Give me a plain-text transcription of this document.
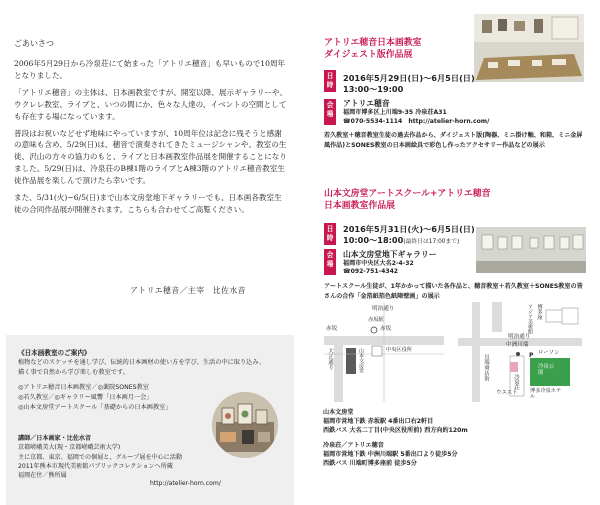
ごあいさつ

2006年5月29日から冷泉荘にて始まった「アトリエ穂音」も早いもので10周年となりました。

「アトリエ穂音」の主体は、日本画教室ですが、開室以降、展示ギャラリーや、ウクレレ教室、ライブと、いつの間にか、色々な人達の、イベントの空間としても存在する場になっています。

普段はお祝いなどせず地味にやっていますが、10周年位は記念に残そうと感謝の意味も含め、5/29(日)は、穂音で演奏されてきたミュージシャンや、教室の生徒、沢山の方々の協力のもと、ライブと日本画教室作品展を開催することになりました。5/29(日)は、冷泉荘のB棟1階のライブとA棟3階のアトリエ穂音教室生徒作品展を楽しんで頂けたら幸いです。

また、5/31(火)~6/5(日)まで山本文房堂地下ギャラリーでも、日本画各教室生徒の合同作品展が開催されます。こちらも合わせてご高覧ください。

アトリエ穂音／主宰　比佐水音
《日本画教室のご案内》
植物などのスケッチを通し学び、伝統的日本画材の使い方を学び、生活の中に取り込み、描く事で自然から学び楽しむ教室です。
◎アトリエ穂音日本画教室／◎薬院SONES教室
◎若久教室／◎ギャラリー風響「日本画月一会」
◎山本文房堂アートスクール「基礎からの日本画教室」
講師／日本画家・比佐水音
京都嵯峨美大(現・京都嵯峨芸術大学)
主に京都、東京、福岡での個展と、グループ展を中心に活動
2011年熊本市現代美術館パブリックコレクションへ所蔵
福岡在住／熊所属
http://atelier-horn.com/
アトリエ穂音日本画教室
ダイジェスト版作品展
日時
2016年5月29日(日)～6月5日(日)
13:00～19:00
会場
アトリエ穂音
福岡市博多区上川端9-35 冷泉荘A31
☎070-5534-1114　http://atelier-horn.com/
若久教室＋穂音教室生徒の過去作品から、ダイジェスト版(陶器、ミニ掛け軸、和箱、ミニ金屏風作品)とSONES教室の日本画絵具で彩色し作ったアクセサリー作品などの展示
山本文房堂アートスクール+アトリエ穂音
日本画教室作品展
日時
2016年5月31日(火)～6月5日(日)
10:00～18:00(最終日は17:00まで)
会場
山本文房堂地下ギャラリー
福岡市中央区大名2-4-32
☎092-751-4342
アートスクール生徒が、1年かかって描いた各作品と、穂音教室＋若久教室＋SONES教室の皆さんの合作「金箔紙箔色紙障壁画」の展示
明治通り
大正通り
赤坂
山本文房堂
赤坂
中央区役所
赤坂駅
明治通り
中洲川端
川端商店街
博多座
アジア美術館
ローソン
冷泉荘
冷泉公園
ウエスト 博多冷泉ホテル
P
山本文房堂
福岡市営地下鉄 赤坂駅 4番出口右2軒目
西鉄バス 大名二丁目(中央区役所前) 西方向約120m
冷泉荘／アトリエ穂音
福岡市営地下鉄 中洲川端駅 5番出口より徒歩5分
西鉄バス 川端町博多座前 徒歩5分
